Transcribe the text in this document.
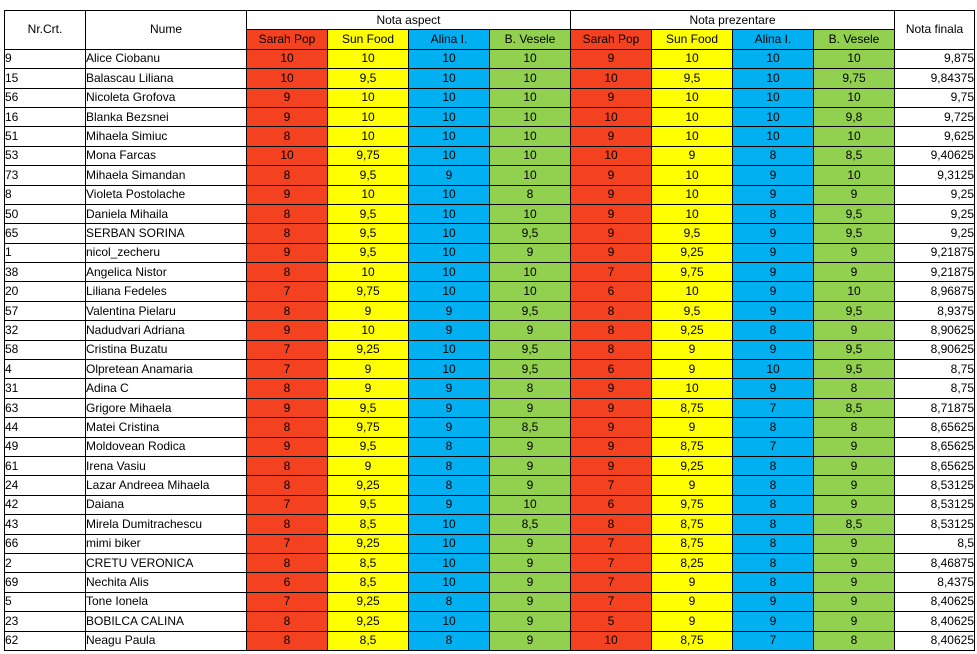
Nr.Crt.	Nume	Nota aspect				Nota prezentare				Nota finala
		Sarah Pop	Sun Food	Alina I.	B. Vesele	Sarah Pop	Sun Food	Alina I.	B. Vesele	
9	Alice Ciobanu	10	10	10	10	9	10	10	10	9,875
15	Balascau Liliana	10	9,5	10	10	10	9,5	10	9,75	9,84375
56	Nicoleta Grofova	9	10	10	10	9	10	10	10	9,75
16	Blanka Bezsnei	9	10	10	10	10	10	10	9,8	9,725
51	Mihaela Simiuc	8	10	10	10	9	10	10	10	9,625
53	Mona Farcas	10	9,75	10	10	10	9	8	8,5	9,40625
73	Mihaela Simandan	8	9,5	9	10	9	10	9	10	9,3125
8	Violeta Postolache	9	10	10	8	9	10	9	9	9,25
50	Daniela Mihaila	8	9,5	10	10	9	10	8	9,5	9,25
65	SERBAN SORINA	8	9,5	10	9,5	9	9,5	9	9,5	9,25
1	nicol_zecheru	9	9,5	10	9	9	9,25	9	9	9,21875
38	Angelica Nistor	8	10	10	10	7	9,75	9	9	9,21875
20	Liliana Fedeles	7	9,75	10	10	6	10	9	10	8,96875
57	Valentina Pielaru	8	9	9	9,5	8	9,5	9	9,5	8,9375
32	Nadudvari Adriana	9	10	9	9	8	9,25	8	9	8,90625
58	Cristina Buzatu	7	9,25	10	9,5	8	9	9	9,5	8,90625
4	Olpretean Anamaria	7	9	10	9,5	6	9	10	9,5	8,75
31	Adina C	8	9	9	8	9	10	9	8	8,75
63	Grigore Mihaela	9	9,5	9	9	9	8,75	7	8,5	8,71875
44	Matei Cristina	8	9,75	9	8,5	9	9	8	8	8,65625
49	Moldovean Rodica	9	9,5	8	9	9	8,75	7	9	8,65625
61	Irena Vasiu	8	9	8	9	9	9,25	8	9	8,65625
24	Lazar Andreea Mihaela	8	9,25	8	9	7	9	8	9	8,53125
42	Daiana	7	9,5	9	10	6	9,75	8	9	8,53125
43	Mirela Dumitrachescu	8	8,5	10	8,5	8	8,75	8	8,5	8,53125
66	mimi biker	7	9,25	10	9	7	8,75	8	9	8,5
2	CRETU VERONICA	8	8,5	10	9	7	8,25	8	9	8,46875
69	Nechita Alis	6	8,5	10	9	7	9	8	9	8,4375
5	Tone Ionela	7	9,25	8	9	7	9	9	9	8,40625
23	BOBILCA CALINA	8	9,25	10	9	5	9	9	9	8,40625
62	Neagu Paula	8	8,5	8	9	10	8,75	7	8	8,40625
